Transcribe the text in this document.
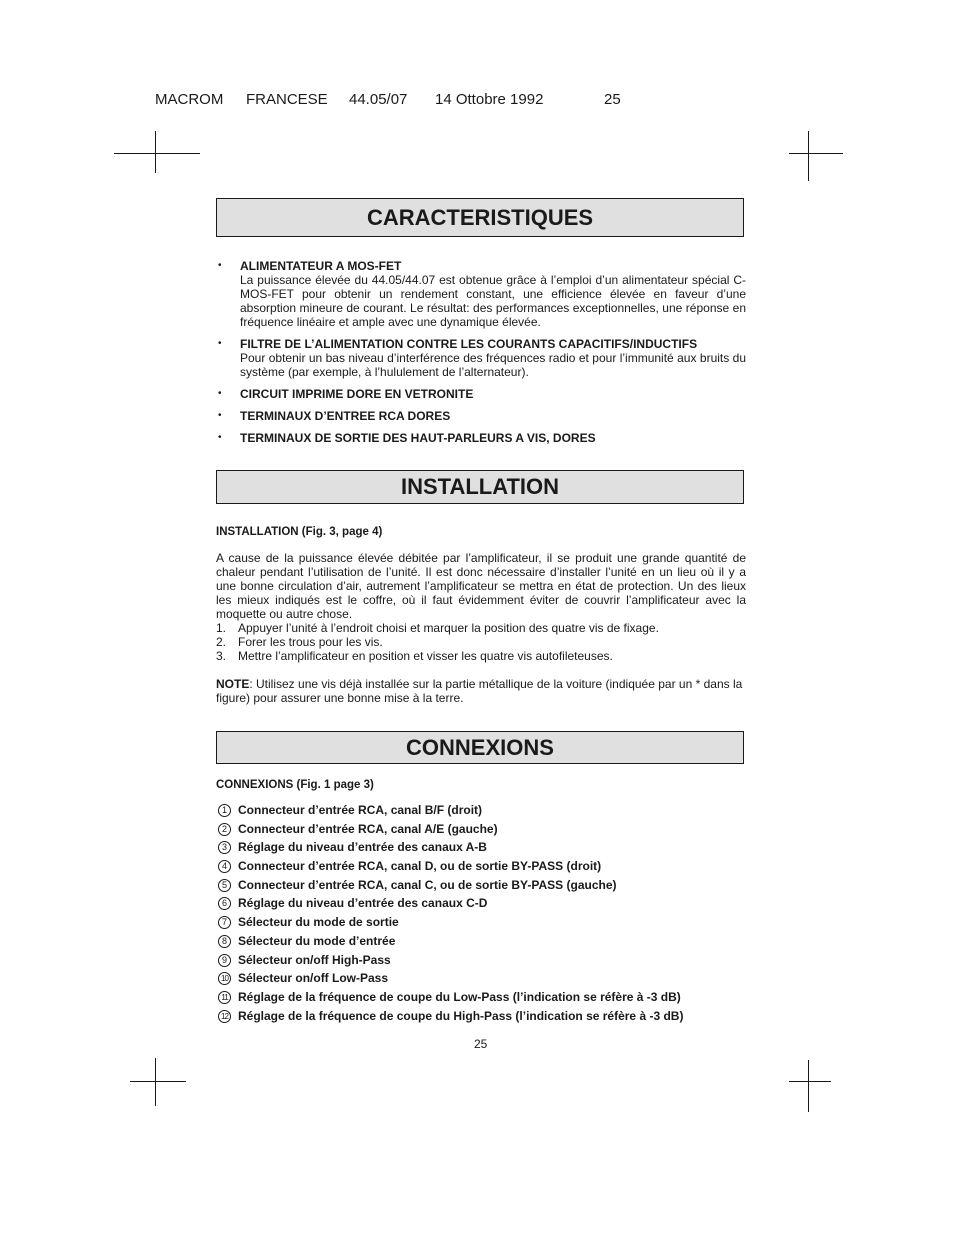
MACROM FRANCESE 44.05/07 14 Ottobre 1992	25
CARACTERISTIQUES
• ALIMENTATEUR A MOS-FET
La puissance élevée du 44.05/44.07 est obtenue grâce à l’emploi d’un alimentateur spécial C-MOS-FET pour obtenir un rendement constant, une efficience élevée en faveur d’une absorption mineure de courant. Le résultat: des performances exceptionnelles, une réponse en fréquence linéaire et ample avec une dynamique élevée.
• FILTRE DE L’ALIMENTATION CONTRE LES COURANTS CAPACITIFS/INDUCTIFS
Pour obtenir un bas niveau d’interférence des fréquences radio et pour l’immunité aux bruits du système (par exemple, à l’hululement de l’alternateur).
• CIRCUIT IMPRIME DORE EN VETRONITE
• TERMINAUX D’ENTREE RCA DORES
• TERMINAUX DE SORTIE DES HAUT-PARLEURS A VIS, DORES
INSTALLATION
INSTALLATION (Fig. 3, page 4)
A cause de la puissance élevée débitée par l’amplificateur, il se produit une grande quantité de chaleur pendant l’utilisation de l’unité. Il est donc nécessaire d’installer l’unité en un lieu où il y a une bonne circulation d’air, autrement l’amplificateur se mettra en état de protection. Un des lieux les mieux indiqués est le coffre, où il faut évidemment éviter de couvrir l’amplificateur avec la moquette ou autre chose.
1. Appuyer l’unité à l’endroit choisi et marquer la position des quatre vis de fixage.
2. Forer les trous pour les vis.
3. Mettre l’amplificateur en position et visser les quatre vis autofileteuses.
NOTE: Utilisez une vis déjà installée sur la partie métallique de la voiture (indiquée par un * dans la figure) pour assurer une bonne mise à la terre.
CONNEXIONS
CONNEXIONS (Fig. 1 page 3)
1 Connecteur d’entrée RCA, canal B/F (droit)
2 Connecteur d’entrée RCA, canal A/E (gauche)
3 Réglage du niveau d’entrée des canaux A-B
4 Connecteur d’entrée RCA, canal D, ou de sortie BY-PASS (droit)
5 Connecteur d’entrée RCA, canal C, ou de sortie BY-PASS (gauche)
6 Réglage du niveau d’entrée des canaux C-D
7 Sélecteur du mode de sortie
8 Sélecteur du mode d’entrée
9 Sélecteur on/off High-Pass
10 Sélecteur on/off Low-Pass
11 Réglage de la fréquence de coupe du Low-Pass (l’indication se réfère à -3 dB)
12 Réglage de la fréquence de coupe du High-Pass (l’indication se réfère à -3 dB)
25
